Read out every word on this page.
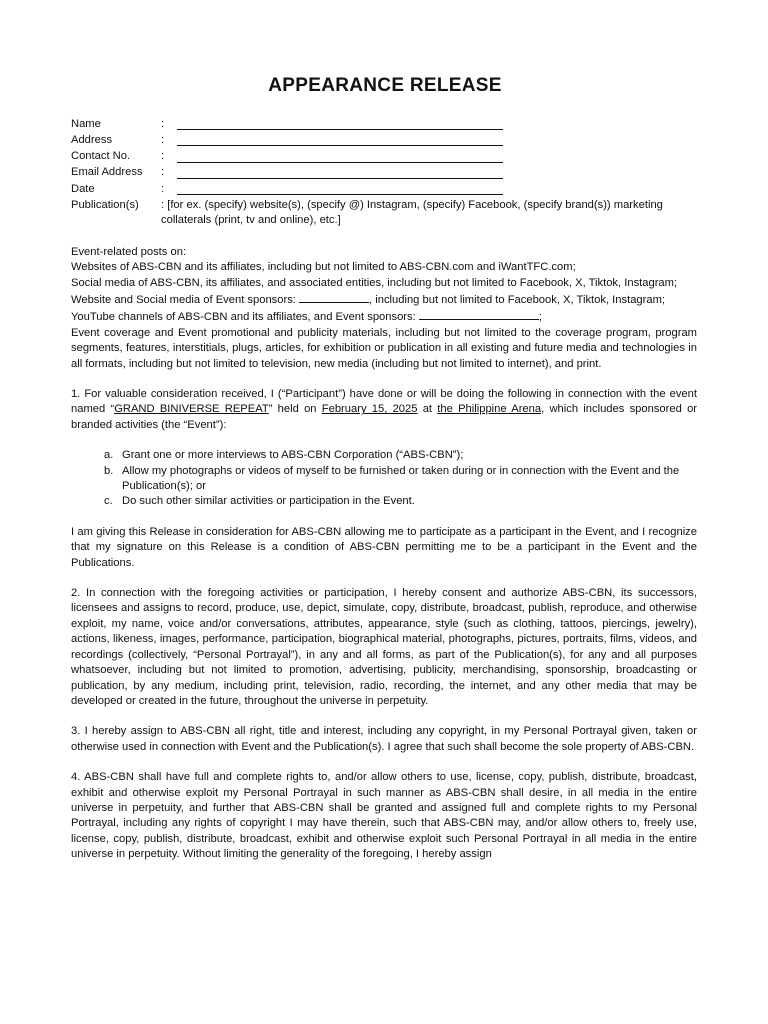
APPEARANCE RELEASE
Name	:
Address	:
Contact No.	:
Email Address	:
Date	:
Publication(s)	: [for ex. (specify) website(s), (specify @) Instagram, (specify) Facebook, (specify brand(s)) marketing collaterals (print, tv and online), etc.]

Event-related posts on:

Websites of ABS-CBN and its affiliates, including but not limited to ABS-CBN.com and iWantTFC.com;

Social media of ABS-CBN, its affiliates, and associated entities, including but not limited to Facebook, X, Tiktok, Instagram;

Website and Social media of Event sponsors:	, including but not limited to Facebook, X, Tiktok, Instagram;

YouTube channels of ABS-CBN and its affiliates, and Event sponsors:	;

Event coverage and Event promotional and publicity materials, including but not limited to the coverage program, program segments, features, interstitials, plugs, articles, for exhibition or publication in all existing and future media and technologies in all formats, including but not limited to television, new media (including but not limited to internet), and print.

1. For valuable consideration received, I (“Participant”) have done or will be doing the following in connection with the event named “GRAND BINIVERSE REPEAT” held on February 15, 2025 at the Philippine Arena, which includes sponsored or branded activities (the “Event”):

a. Grant one or more interviews to ABS-CBN Corporation (“ABS-CBN”);
b. Allow my photographs or videos of myself to be furnished or taken during or in connection with the Event and the Publication(s); or
c. Do such other similar activities or participation in the Event.

I am giving this Release in consideration for ABS-CBN allowing me to participate as a participant in the Event, and I recognize that my signature on this Release is a condition of ABS-CBN permitting me to be a participant in the Event and the Publications.

2. In connection with the foregoing activities or participation, I hereby consent and authorize ABS-CBN, its successors, licensees and assigns to record, produce, use, depict, simulate, copy, distribute, broadcast, publish, reproduce, and otherwise exploit, my name, voice and/or conversations, attributes, appearance, style (such as clothing, tattoos, piercings, jewelry), actions, likeness, images, performance, participation, biographical material, photographs, pictures, portraits, films, videos, and recordings (collectively, “Personal Portrayal”), in any and all forms, as part of the Publication(s), for any and all purposes whatsoever, including but not limited to promotion, advertising, publicity, merchandising, sponsorship, broadcasting or publication, by any medium, including print, television, radio, recording, the internet, and any other media that may be developed or created in the future, throughout the universe in perpetuity.

3. I hereby assign to ABS-CBN all right, title and interest, including any copyright, in my Personal Portrayal given, taken or otherwise used in connection with Event and the Publication(s). I agree that such shall become the sole property of ABS-CBN.

4. ABS-CBN shall have full and complete rights to, and/or allow others to use, license, copy, publish, distribute, broadcast, exhibit and otherwise exploit my Personal Portrayal in such manner as ABS-CBN shall desire, in all media in the entire universe in perpetuity, and further that ABS-CBN shall be granted and assigned full and complete rights to my Personal Portrayal, including any rights of copyright I may have therein, such that ABS-CBN may, and/or allow others to, freely use, license, copy, publish, distribute, broadcast, exhibit and otherwise exploit such Personal Portrayal in all media in the entire universe in perpetuity. Without limiting the generality of the foregoing, I hereby assign
